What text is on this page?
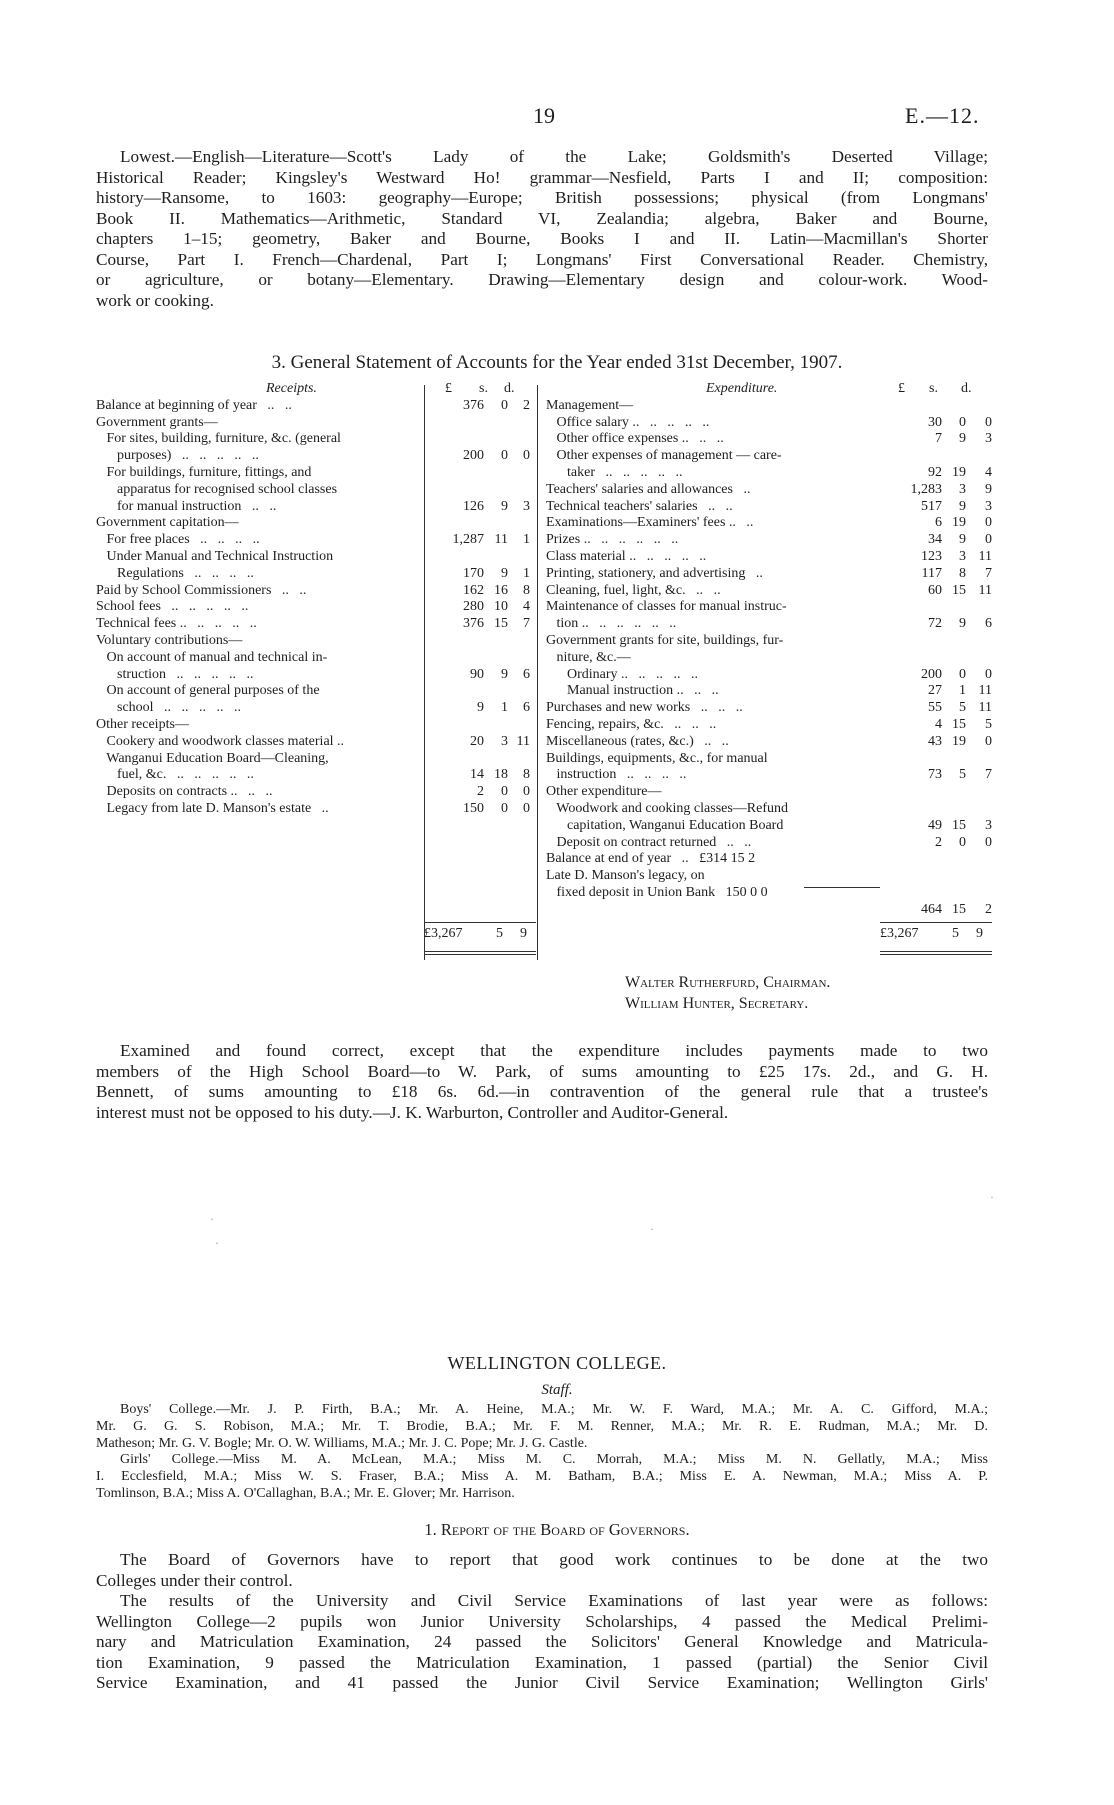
19	E.—12.
Lowest.—English—Literature—Scott's Lady of the Lake; Goldsmith's Deserted Village;
Historical Reader; Kingsley's Westward Ho! grammar—Nesfield, Parts I and II; composition:
history—Ransome, to 1603: geography—Europe; British possessions; physical (from Longmans'
Book II. Mathematics—Arithmetic, Standard VI, Zealandia; algebra, Baker and Bourne,
chapters 1–15; geometry, Baker and Bourne, Books I and II. Latin—Macmillan's Shorter
Course, Part I. French—Chardenal, Part I; Longmans' First Conversational Reader. Chemistry,
or agriculture, or botany—Elementary. Drawing—Elementary design and colour-work. Wood-
work or cooking.
3. General Statement of Accounts for the Year ended 31st December, 1907.
Receipts.	£ s. d.
Balance at beginning of year   ..   ..	376 0 2
Government grants—
For sites, building, furniture, &c. (general
purposes)   ..   ..   ..   ..   ..	200 0 0
For buildings, furniture, fittings, and
apparatus for recognised school classes
for manual instruction   ..   ..	126 9 3
Government capitation—
For free places   ..   ..   ..   ..	1,287 11 1
Under Manual and Technical Instruction
Regulations   ..   ..   ..   ..	170 9 1
Paid by School Commissioners   ..   ..	162 16 8
School fees   ..   ..   ..   ..   ..	280 10 4
Technical fees ..   ..   ..   ..   ..	376 15 7
Voluntary contributions—
On account of manual and technical in-
struction   ..   ..   ..   ..   ..	90 9 6
On account of general purposes of the
school   ..   ..   ..   ..   ..	9 1 6
Other receipts—
Cookery and woodwork classes material ..	20 3 11
Wanganui Education Board—Cleaning,
fuel, &c.   ..   ..   ..   ..   ..	14 18 8
Deposits on contracts ..   ..   ..	2 0 0
Legacy from late D. Manson's estate   ..	150 0 0
Expenditure.	£ s. d.
Management—
Office salary ..   ..   ..   ..   ..	30 0 0
Other office expenses ..   ..   ..	7 9 3
Other expenses of management — care-
taker   ..   ..   ..   ..   ..	92 19 4
Teachers' salaries and allowances   ..	1,283 3 9
Technical teachers' salaries   ..   ..	517 9 3
Examinations—Examiners' fees ..   ..	6 19 0
Prizes ..   ..   ..   ..   ..   ..	34 9 0
Class material ..   ..   ..   ..   ..	123 3 11
Printing, stationery, and advertising   ..	117 8 7
Cleaning, fuel, light, &c.   ..   ..	60 15 11
Maintenance of classes for manual instruc-
tion ..   ..   ..   ..   ..   ..	72 9 6
Government grants for site, buildings, fur-
niture, &c.—
Ordinary ..   ..   ..   ..   ..	200 0 0
Manual instruction ..   ..   ..	27 1 11
Purchases and new works   ..   ..   ..	55 5 11
Fencing, repairs, &c.   ..   ..   ..	4 15 5
Miscellaneous (rates, &c.)   ..   ..	43 19 0
Buildings, equipments, &c., for manual
instruction   ..   ..   ..   ..	73 5 7
Other expenditure—
Woodwork and cooking classes—Refund
capitation, Wanganui Education Board	49 15 3
Deposit on contract returned   ..   ..	2 0 0
Balance at end of year   ..   £314 15 2
Late D. Manson's legacy, on
fixed deposit in Union Bank   150 0 0
464 15 2
£3,267 5 9	£3,267 5 9
Walter Rutherfurd, Chairman.
William Hunter, Secretary.
Examined and found correct, except that the expenditure includes payments made to two
members of the High School Board—to W. Park, of sums amounting to £25 17s. 2d., and G. H.
Bennett, of sums amounting to £18 6s. 6d.—in contravention of the general rule that a trustee's
interest must not be opposed to his duty.—J. K. Warburton, Controller and Auditor-General.
·
·
·
·
WELLINGTON COLLEGE.
Staff.
Boys' College.—Mr. J. P. Firth, B.A.; Mr. A. Heine, M.A.; Mr. W. F. Ward, M.A.; Mr. A. C. Gifford, M.A.;
Mr. G. G. S. Robison, M.A.; Mr. T. Brodie, B.A.; Mr. F. M. Renner, M.A.; Mr. R. E. Rudman, M.A.; Mr. D.
Matheson; Mr. G. V. Bogle; Mr. O. W. Williams, M.A.; Mr. J. C. Pope; Mr. J. G. Castle.
Girls' College.—Miss M. A. McLean, M.A.; Miss M. C. Morrah, M.A.; Miss M. N. Gellatly, M.A.; Miss
I. Ecclesfield, M.A.; Miss W. S. Fraser, B.A.; Miss A. M. Batham, B.A.; Miss E. A. Newman, M.A.; Miss A. P.
Tomlinson, B.A.; Miss A. O'Callaghan, B.A.; Mr. E. Glover; Mr. Harrison.
1. Report of the Board of Governors.
The Board of Governors have to report that good work continues to be done at the two
Colleges under their control.
The results of the University and Civil Service Examinations of last year were as follows:
Wellington College—2 pupils won Junior University Scholarships, 4 passed the Medical Prelimi-
nary and Matriculation Examination, 24 passed the Solicitors' General Knowledge and Matricula-
tion Examination, 9 passed the Matriculation Examination, 1 passed (partial) the Senior Civil
Service Examination, and 41 passed the Junior Civil Service Examination; Wellington Girls'
